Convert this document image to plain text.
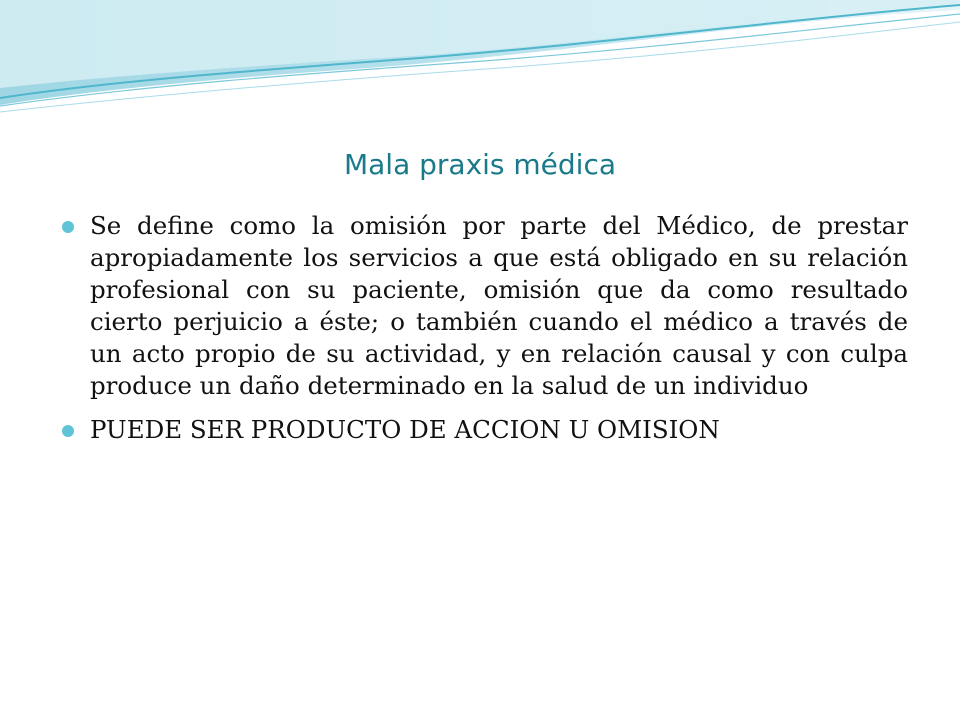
Mala praxis médica
Se define como la omisión por parte del Médico, de prestar apropiadamente los servicios a que está obligado en su relación profesional con su paciente, omisión que da como resultado cierto perjuicio a éste; o también cuando el médico a través de un acto propio de su actividad, y en relación causal y con culpa produce un daño determinado en la salud de un individuo
PUEDE SER PRODUCTO DE ACCION U OMISION
